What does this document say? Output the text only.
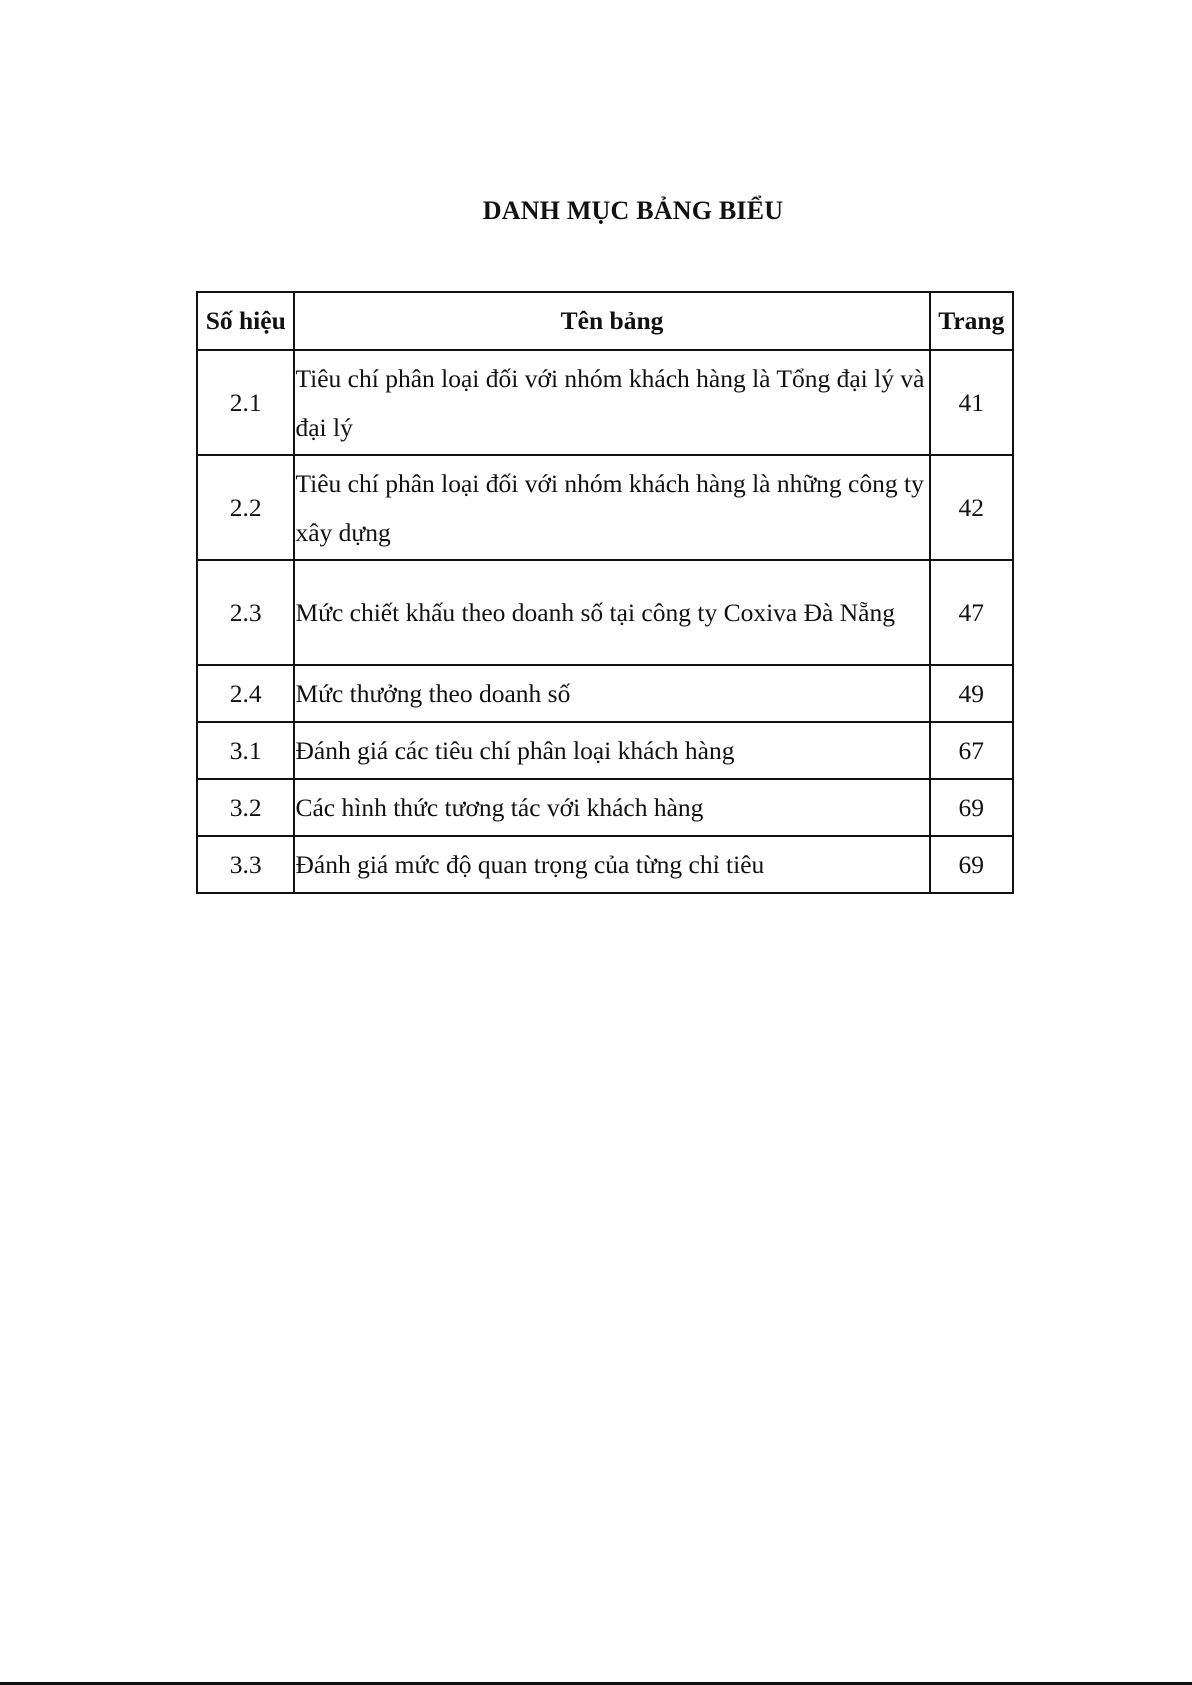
DANH MỤC BẢNG BIỂU
Số hiệu	Tên bảng	Trang
2.1	Tiêu chí phân loại đối với nhóm khách hàng là Tổng đại lý và đại lý	41
2.2	Tiêu chí phân loại đối với nhóm khách hàng là những công ty xây dựng	42
2.3	Mức chiết khấu theo doanh số tại công ty Coxiva Đà Nẵng	47
2.4	Mức thưởng theo doanh số	49
3.1	Đánh giá các tiêu chí phân loại khách hàng	67
3.2	Các hình thức tương tác với khách hàng	69
3.3	Đánh giá mức độ quan trọng của từng chỉ tiêu	69
